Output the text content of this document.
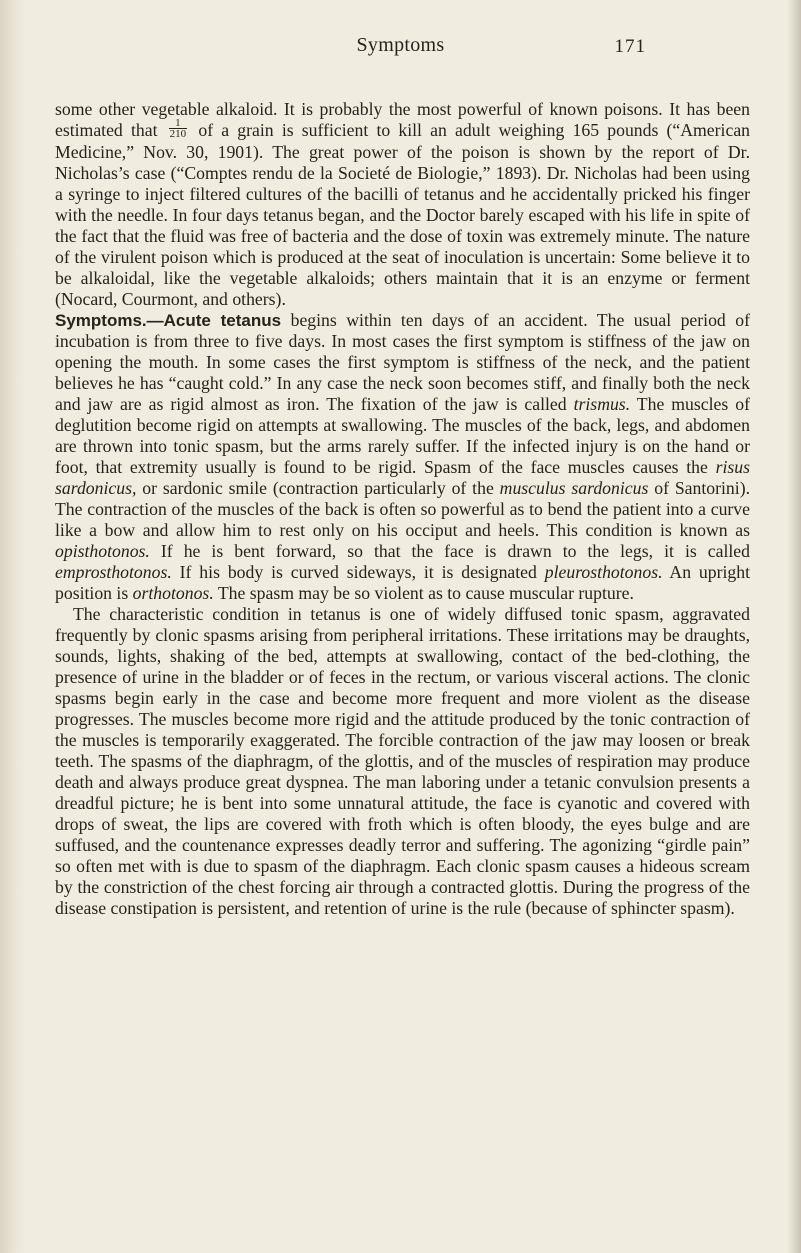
Symptoms	171

some other vegetable alkaloid. It is probably the most powerful of known poisons. It has been estimated that $\frac{1}{210}$ of a grain is sufficient to kill an adult weighing 165 pounds (“American Medicine,” Nov. 30, 1901). The great power of the poison is shown by the report of Dr. Nicholas’s case (“Comptes rendu de la Societé de Biologie,” 1893). Dr. Nicholas had been using a syringe to inject filtered cultures of the bacilli of tetanus and he accidentally pricked his finger with the needle. In four days tetanus began, and the Doctor barely escaped with his life in spite of the fact that the fluid was free of bacteria and the dose of toxin was extremely minute. The nature of the virulent poison which is produced at the seat of inoculation is uncertain: Some believe it to be alkaloidal, like the vegetable alkaloids; others maintain that it is an enzyme or ferment (Nocard, Courmont, and others).

Symptoms.—Acute tetanus begins within ten days of an accident. The usual period of incubation is from three to five days. In most cases the first symptom is stiffness of the jaw on opening the mouth. In some cases the first symptom is stiffness of the neck, and the patient believes he has “caught cold.” In any case the neck soon becomes stiff, and finally both the neck and jaw are as rigid almost as iron. The fixation of the jaw is called trismus. The muscles of deglutition become rigid on attempts at swallowing. The muscles of the back, legs, and abdomen are thrown into tonic spasm, but the arms rarely suffer. If the infected injury is on the hand or foot, that extremity usually is found to be rigid. Spasm of the face muscles causes the risus sardonicus, or sardonic smile (contraction particularly of the musculus sardonicus of Santorini). The contraction of the muscles of the back is often so powerful as to bend the patient into a curve like a bow and allow him to rest only on his occiput and heels. This condition is known as opisthotonos. If he is bent forward, so that the face is drawn to the legs, it is called emprosthotonos. If his body is curved sideways, it is designated pleurosthotonos. An upright position is orthotonos. The spasm may be so violent as to cause muscular rupture.

The characteristic condition in tetanus is one of widely diffused tonic spasm, aggravated frequently by clonic spasms arising from peripheral irritations. These irritations may be draughts, sounds, lights, shaking of the bed, attempts at swallowing, contact of the bed-clothing, the presence of urine in the bladder or of feces in the rectum, or various visceral actions. The clonic spasms begin early in the case and become more frequent and more violent as the disease progresses. The muscles become more rigid and the attitude produced by the tonic contraction of the muscles is temporarily exaggerated. The forcible contraction of the jaw may loosen or break teeth. The spasms of the diaphragm, of the glottis, and of the muscles of respiration may produce death and always produce great dyspnea. The man laboring under a tetanic convulsion presents a dreadful picture; he is bent into some unnatural attitude, the face is cyanotic and covered with drops of sweat, the lips are covered with froth which is often bloody, the eyes bulge and are suffused, and the countenance expresses deadly terror and suffering. The agonizing “girdle pain” so often met with is due to spasm of the diaphragm. Each clonic spasm causes a hideous scream by the constriction of the chest forcing air through a contracted glottis. During the progress of the disease constipation is persistent, and retention of urine is the rule (because of sphincter spasm).
